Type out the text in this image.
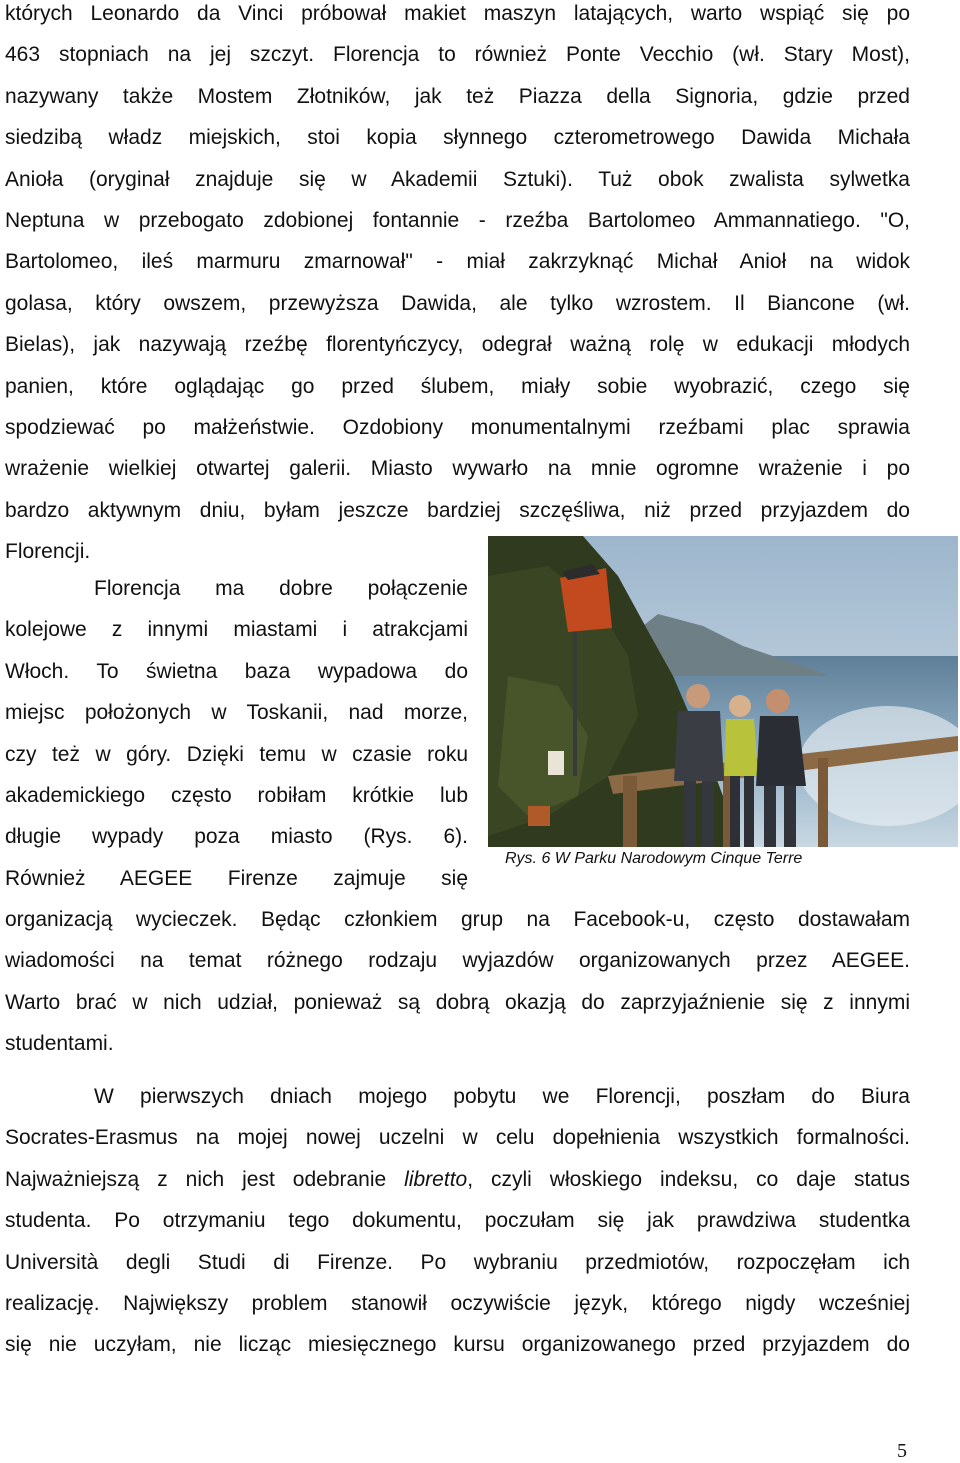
których Leonardo da Vinci próbował makiet maszyn latających, warto wspiąć się po
463 stopniach na jej szczyt. Florencja to również Ponte Vecchio (wł. Stary Most),
nazywany także Mostem Złotników, jak też Piazza della Signoria, gdzie przed
siedzibą władz miejskich, stoi kopia słynnego czterometrowego Dawida Michała
Anioła (oryginał znajduje się w Akademii Sztuki). Tuż obok zwalista sylwetka
Neptuna w przebogato zdobionej fontannie - rzeźba Bartolomeo Ammannatiego. "O,
Bartolomeo, ileś marmuru zmarnował" - miał zakrzyknąć Michał Anioł na widok
golasa, który owszem, przewyższa Dawida, ale tylko wzrostem. Il Biancone (wł.
Bielas), jak nazywają rzeźbę florentyńczycy, odegrał ważną rolę w edukacji młodych
panien, które oglądając go przed ślubem, miały sobie wyobrazić, czego się
spodziewać po małżeństwie. Ozdobiony monumentalnymi rzeźbami plac sprawia
wrażenie wielkiej otwartej galerii. Miasto wywarło na mnie ogromne wrażenie i po
bardzo aktywnym dniu, byłam jeszcze bardziej szczęśliwa, niż przed przyjazdem do
Florencji.
Florencja ma dobre połączenie
kolejowe z innymi miastami i atrakcjami
Włoch. To świetna baza wypadowa do
miejsc położonych w Toskanii, nad morze,
czy też w góry. Dzięki temu w czasie roku
akademickiego często robiłam krótkie lub
długie wypady poza miasto (Rys. 6).
Również AEGEE Firenze zajmuje się
organizacją wycieczek. Będąc członkiem grup na Facebook-u, często dostawałam
wiadomości na temat różnego rodzaju wyjazdów organizowanych przez AEGEE.
Warto brać w nich udział, ponieważ są dobrą okazją do zaprzyjaźnienie się z innymi
studentami.
Rys. 6 W Parku Narodowym Cinque Terre
W pierwszych dniach mojego pobytu we Florencji, poszłam do Biura
Socrates-Erasmus na mojej nowej uczelni w celu dopełnienia wszystkich formalności.
Najważniejszą z nich jest odebranie libretto, czyli włoskiego indeksu, co daje status
studenta. Po otrzymaniu tego dokumentu, poczułam się jak prawdziwa studentka
Università degli Studi di Firenze. Po wybraniu przedmiotów, rozpoczęłam ich
realizację. Największy problem stanowił oczywiście język, którego nigdy wcześniej
się nie uczyłam, nie licząc miesięcznego kursu organizowanego przed przyjazdem do
5
